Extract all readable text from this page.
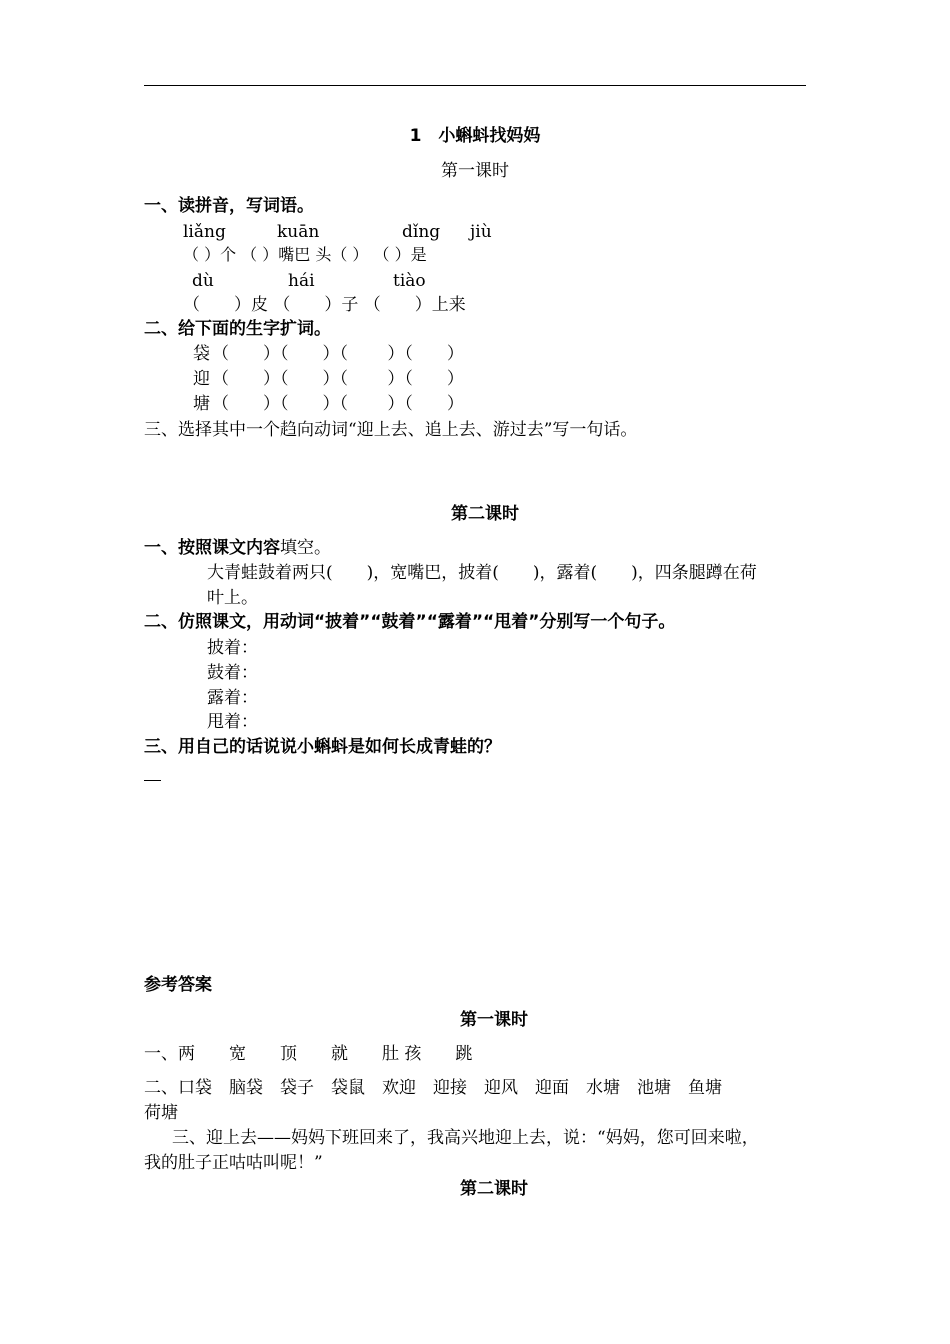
1　小蝌蚪找妈妈
第一课时
一、读拼音，写词语。
liǎng	kuān	dǐng jiù
（ ）个 （ ）嘴巴 头（ ） （ ）是
dù	hái	tiào
（　　）皮 （　　）子 （　　）上来
二、给下面的生字扩词。
袋 （　　）（　　）（　　 ）（　　）
迎 （　　）（　　）（　　 ）（　　）
塘 （　　）（　　）（　　 ）（　　）
三、选择其中一个趋向动词“迎上去、追上去、游过去”写一句话。
第二课时
一、按照课文内容填空。
大青蛙鼓着两只(　　)，宽嘴巴，披着(　　)，露着(　　)，四条腿蹲在荷
叶上。
二、仿照课文，用动词“披着”“鼓着”“露着”“甩着”分别写一个句子。
披着：
鼓着：
露着：
甩着：
三、用自己的话说说小蝌蚪是如何长成青蛙的？
参考答案
第一课时
一、两　　宽　　顶　　就　　肚 孩　　跳
二、口袋　脑袋　袋子　袋鼠　欢迎　迎接　迎风　迎面　水塘　池塘　鱼塘
荷塘
三、迎上去——妈妈下班回来了，我高兴地迎上去，说：“妈妈，您可回来啦，
我的肚子正咕咕叫呢！”
第二课时
